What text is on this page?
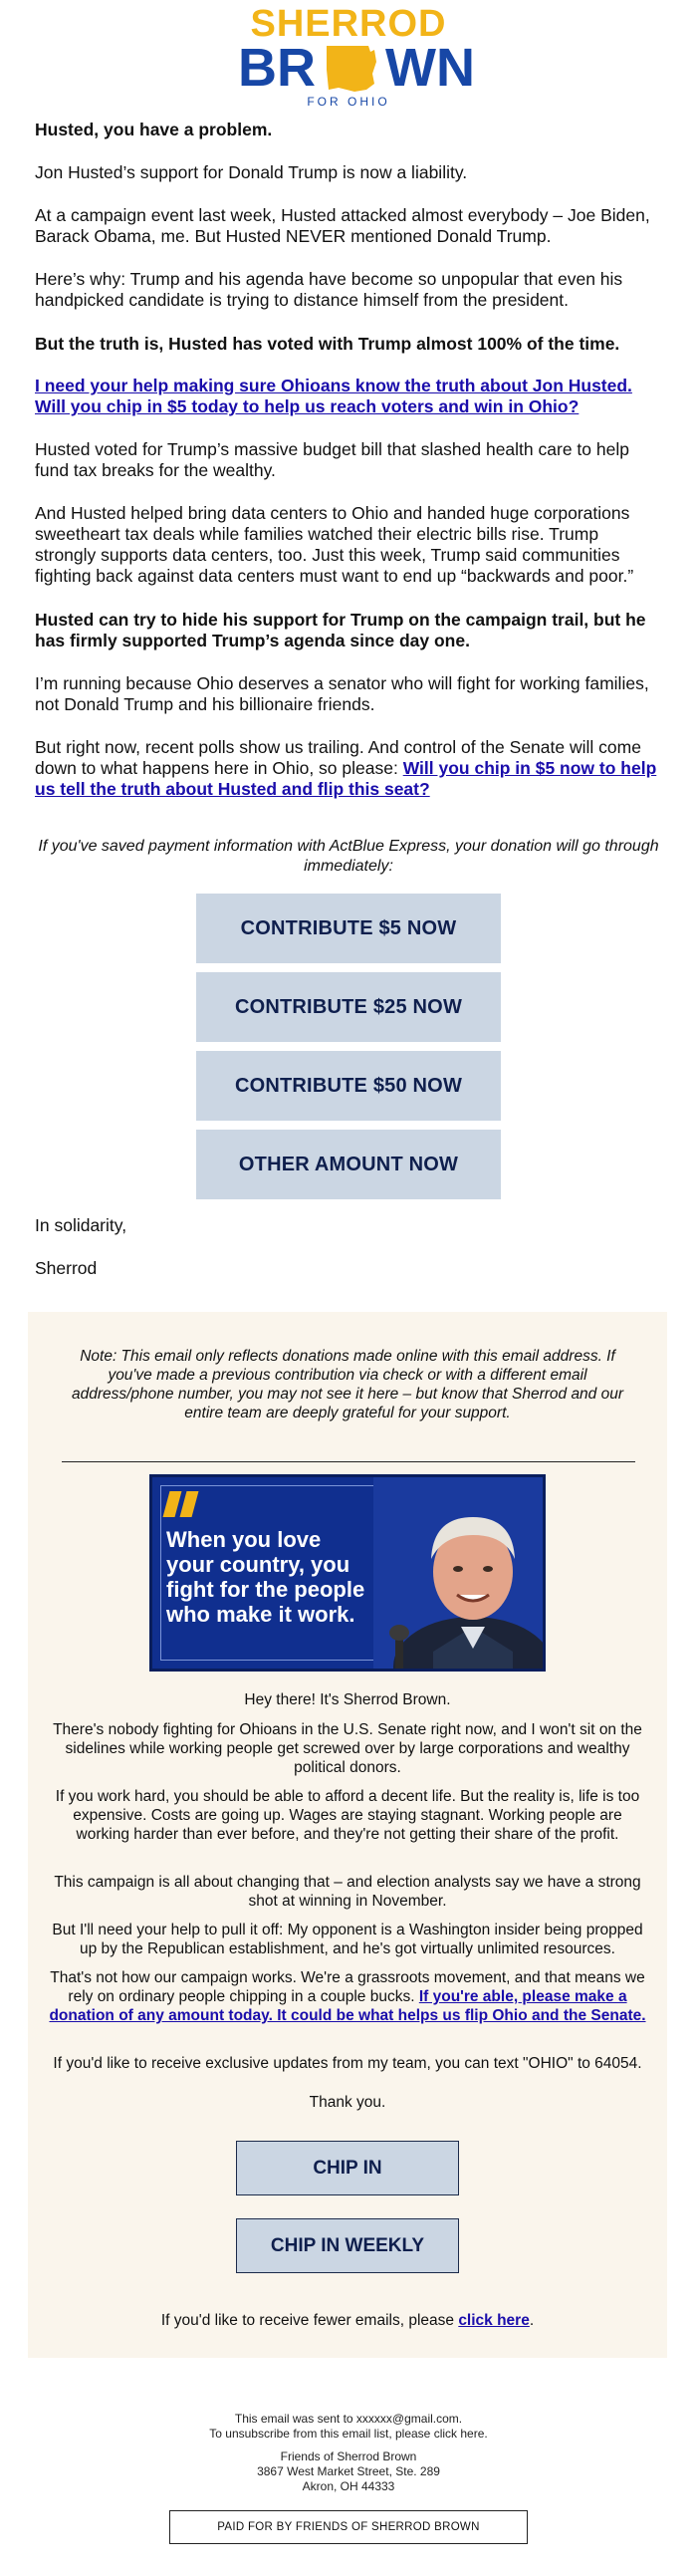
SHERROD
BR WN
FOR OHIO
Husted, you have a problem.
Jon Husted’s support for Donald Trump is now a liability.
At a campaign event last week, Husted attacked almost everybody – Joe Biden, Barack Obama, me. But Husted NEVER mentioned Donald Trump.
Here’s why: Trump and his agenda have become so unpopular that even his handpicked candidate is trying to distance himself from the president.
But the truth is, Husted has voted with Trump almost 100% of the time.
I need your help making sure Ohioans know the truth about Jon Husted. Will you chip in $5 today to help us reach voters and win in Ohio?
Husted voted for Trump’s massive budget bill that slashed health care to help fund tax breaks for the wealthy.
And Husted helped bring data centers to Ohio and handed huge corporations sweetheart tax deals while families watched their electric bills rise. Trump strongly supports data centers, too. Just this week, Trump said communities fighting back against data centers must want to end up “backwards and poor.”
Husted can try to hide his support for Trump on the campaign trail, but he has firmly supported Trump’s agenda since day one.
I’m running because Ohio deserves a senator who will fight for working families, not Donald Trump and his billionaire friends.
But right now, recent polls show us trailing. And control of the Senate will come down to what happens here in Ohio, so please: Will you chip in $5 now to help us tell the truth about Husted and flip this seat?
If you've saved payment information with ActBlue Express, your donation will go through immediately:
CONTRIBUTE $5 NOW
CONTRIBUTE $25 NOW
CONTRIBUTE $50 NOW
OTHER AMOUNT NOW
In solidarity,
Sherrod
Note: This email only reflects donations made online with this email address. If you've made a previous contribution via check or with a different email address/phone number, you may not see it here – but know that Sherrod and our entire team are deeply grateful for your support.
When you love your country, you fight for the people who make it work.
Hey there! It's Sherrod Brown.
There's nobody fighting for Ohioans in the U.S. Senate right now, and I won't sit on the sidelines while working people get screwed over by large corporations and wealthy political donors.
If you work hard, you should be able to afford a decent life. But the reality is, life is too expensive. Costs are going up. Wages are staying stagnant. Working people are working harder than ever before, and they're not getting their share of the profit.
This campaign is all about changing that – and election analysts say we have a strong shot at winning in November.
But I'll need your help to pull it off: My opponent is a Washington insider being propped up by the Republican establishment, and he's got virtually unlimited resources.
That's not how our campaign works. We're a grassroots movement, and that means we rely on ordinary people chipping in a couple bucks. If you're able, please make a donation of any amount today. It could be what helps us flip Ohio and the Senate.
If you'd like to receive exclusive updates from my team, you can text "OHIO" to 64054.
Thank you.
CHIP IN
CHIP IN WEEKLY
If you'd like to receive fewer emails, please click here.
This email was sent to xxxxxx@gmail.com.
To unsubscribe from this email list, please click here.
Friends of Sherrod Brown
3867 West Market Street, Ste. 289
Akron, OH 44333
PAID FOR BY FRIENDS OF SHERROD BROWN
